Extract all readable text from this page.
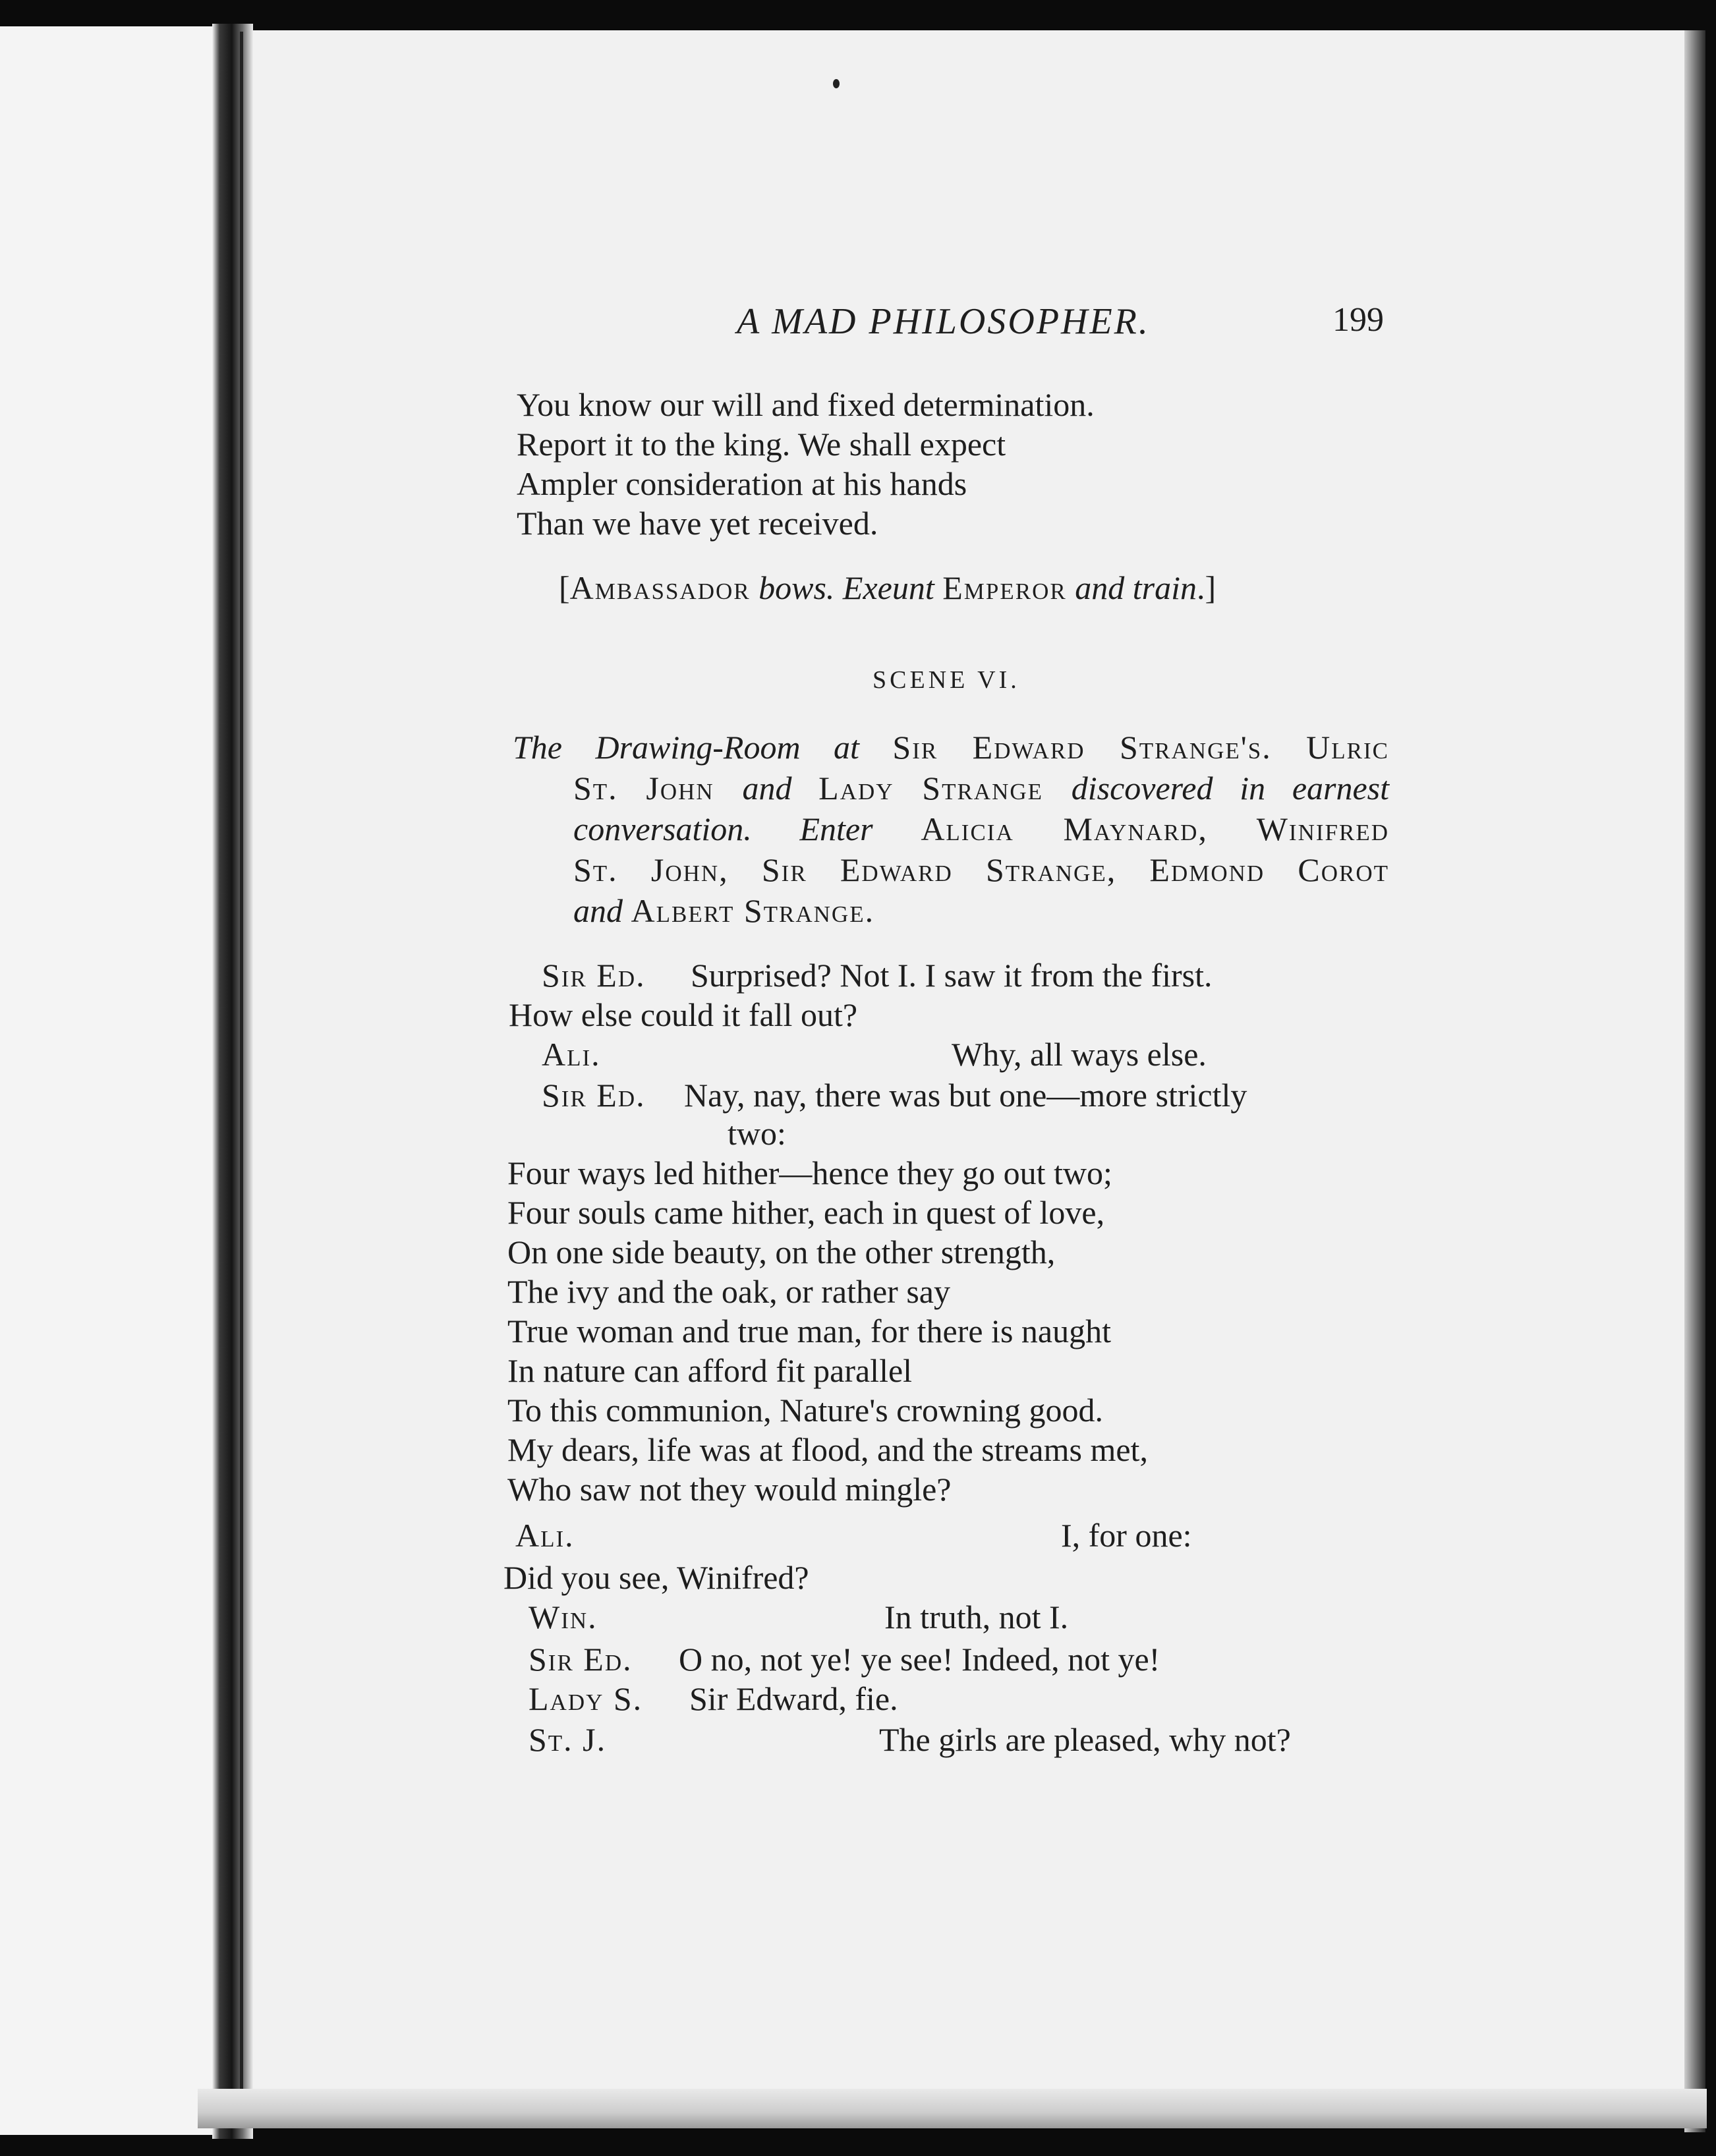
A MAD PHILOSOPHER.	199
You know our will and fixed determination.
Report it to the king. We shall expect
Ampler consideration at his hands
Than we have yet received.
[Ambassador bows. Exeunt Emperor and train.]
SCENE VI.
The Drawing-Room at Sir Edward Strange's. Ulric
St. John and Lady Strange discovered in earnest
conversation. Enter Alicia Maynard, Winifred
St. John, Sir Edward Strange, Edmond Corot
and Albert Strange.
Sir Ed. Surprised? Not I. I saw it from the first.
How else could it fall out?
Ali.	Why, all ways else.
Sir Ed. Nay, nay, there was but one—more strictly
two:
Four ways led hither—hence they go out two;
Four souls came hither, each in quest of love,
On one side beauty, on the other strength,
The ivy and the oak, or rather say
True woman and true man, for there is naught
In nature can afford fit parallel
To this communion, Nature's crowning good.
My dears, life was at flood, and the streams met,
Who saw not they would mingle?
Ali.	I, for one:
Did you see, Winifred?
Win.	In truth, not I.
Sir Ed. O no, not ye! ye see! Indeed, not ye!
Lady S. Sir Edward, fie.
St. J.	The girls are pleased, why not?
